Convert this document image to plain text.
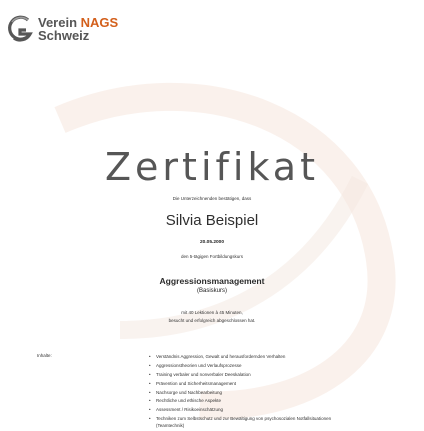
Verein NAGS
Schweiz
Zertifikat
Die Unterzeichnenden bestätigen, dass
Silvia Beispiel
20.05.2000
den 5-tägigen Fortbildungskurs
Aggressionsmanagement
(Basiskurs)
mit 40 Lektionen à 45 Minuten,
besucht und erfolgreich abgeschlossen hat.
Inhalte:
•	Verständnis Aggression, Gewalt und herausfordernden Verhalten
• Aggressionstheorien und Verlaufsprozesse
• Training verbaler und nonverbaler Deeskalation
• Prävention und Sicherheitsmanagement
• Nachsorge und Nachbearbeitung
• Rechtliche und ethische Aspekte
• Assessment / Risikoeinschätzung
• Techniken zum Selbstschutz und zur Bewältigung von psychosozialen Notfallsituationen (Teamtechnik)
